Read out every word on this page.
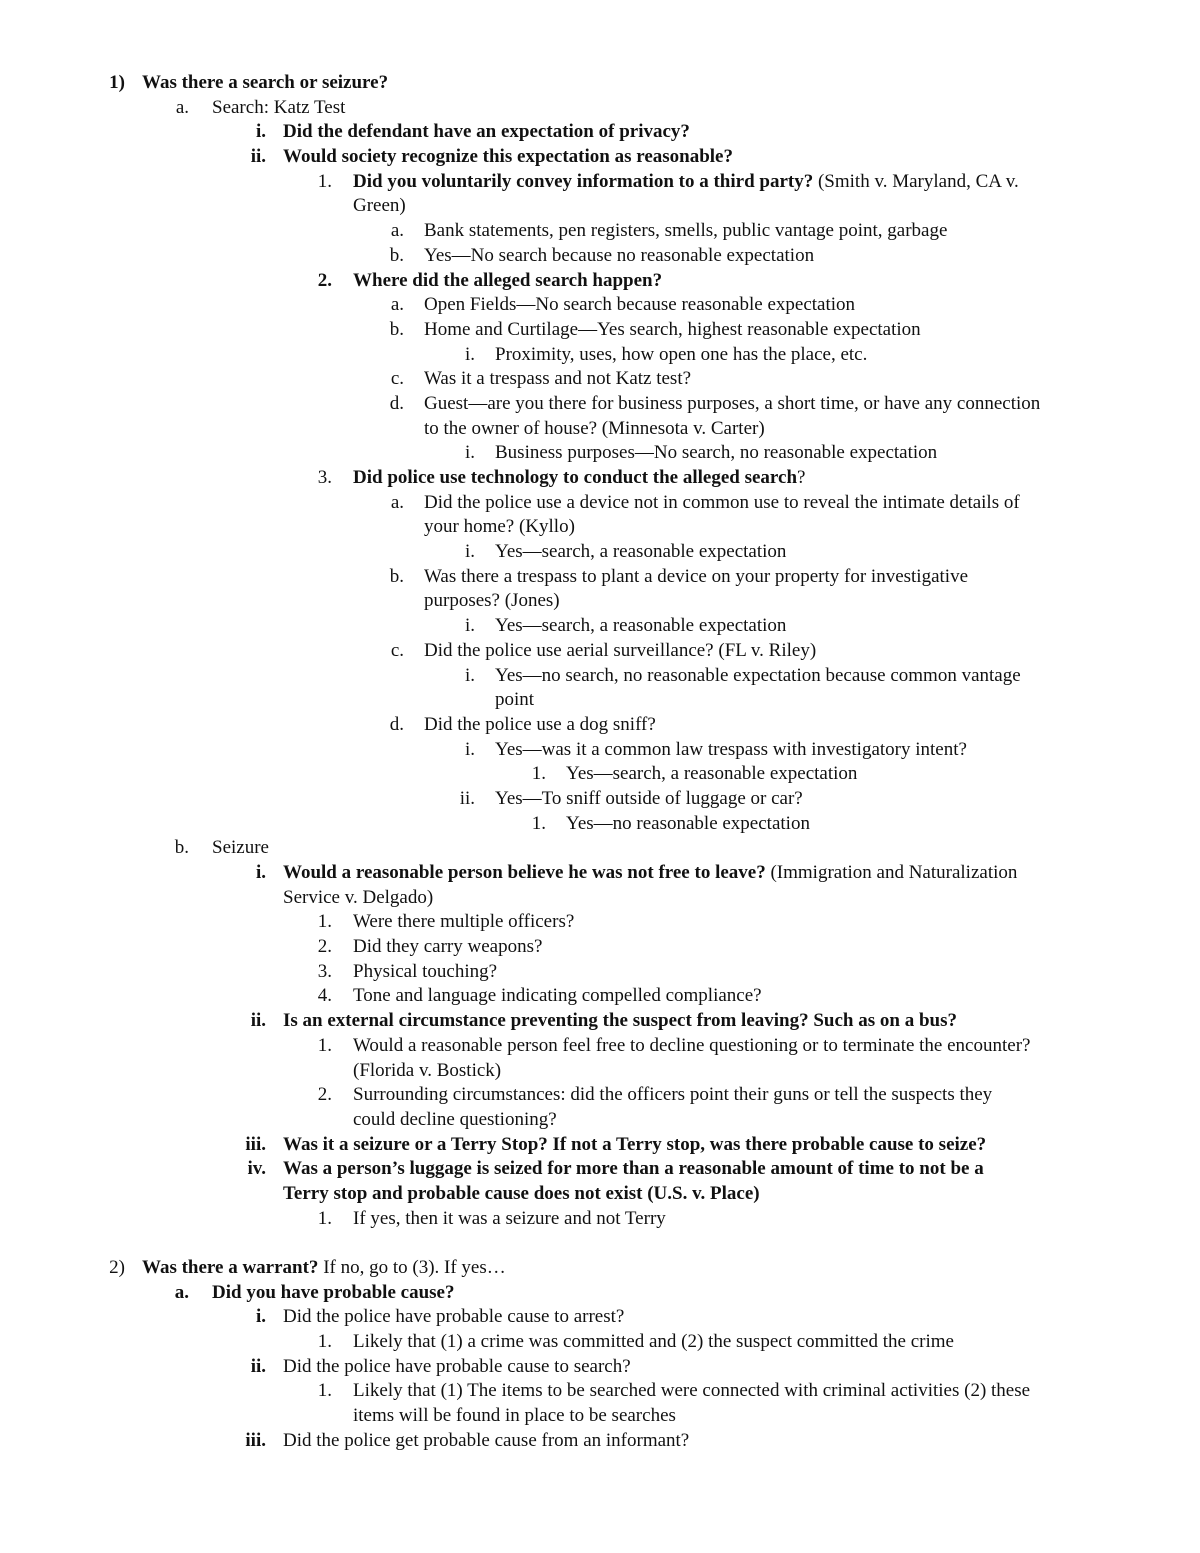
1) Was there a search or seizure?
a. Search: Katz Test
i. Did the defendant have an expectation of privacy?
ii. Would society recognize this expectation as reasonable?
1. Did you voluntarily convey information to a third party? (Smith v. Maryland, CA v.
Green)
a. Bank statements, pen registers, smells, public vantage point, garbage
b. Yes—No search because no reasonable expectation
2. Where did the alleged search happen?
a. Open Fields—No search because reasonable expectation
b. Home and Curtilage—Yes search, highest reasonable expectation
i. Proximity, uses, how open one has the place, etc.
c. Was it a trespass and not Katz test?
d. Guest—are you there for business purposes, a short time, or have any connection
to the owner of house? (Minnesota v. Carter)
i. Business purposes—No search, no reasonable expectation
3. Did police use technology to conduct the alleged search?
a. Did the police use a device not in common use to reveal the intimate details of
your home? (Kyllo)
i. Yes—search, a reasonable expectation
b. Was there a trespass to plant a device on your property for investigative
purposes? (Jones)
i. Yes—search, a reasonable expectation
c. Did the police use aerial surveillance? (FL v. Riley)
i. Yes—no search, no reasonable expectation because common vantage
point
d. Did the police use a dog sniff?
i. Yes—was it a common law trespass with investigatory intent?
1. Yes—search, a reasonable expectation
ii. Yes—To sniff outside of luggage or car?
1. Yes—no reasonable expectation
b. Seizure
i. Would a reasonable person believe he was not free to leave? (Immigration and Naturalization
Service v. Delgado)
1. Were there multiple officers?
2. Did they carry weapons?
3. Physical touching?
4. Tone and language indicating compelled compliance?
ii. Is an external circumstance preventing the suspect from leaving? Such as on a bus?
1. Would a reasonable person feel free to decline questioning or to terminate the encounter?
(Florida v. Bostick)
2. Surrounding circumstances: did the officers point their guns or tell the suspects they
could decline questioning?
iii. Was it a seizure or a Terry Stop? If not a Terry stop, was there probable cause to seize?
iv. Was a person’s luggage is seized for more than a reasonable amount of time to not be a
Terry stop and probable cause does not exist (U.S. v. Place)
1. If yes, then it was a seizure and not Terry
2) Was there a warrant? If no, go to (3). If yes…
a. Did you have probable cause?
i. Did the police have probable cause to arrest?
1. Likely that (1) a crime was committed and (2) the suspect committed the crime
ii. Did the police have probable cause to search?
1. Likely that (1) The items to be searched were connected with criminal activities (2) these
items will be found in place to be searches
iii. Did the police get probable cause from an informant?
